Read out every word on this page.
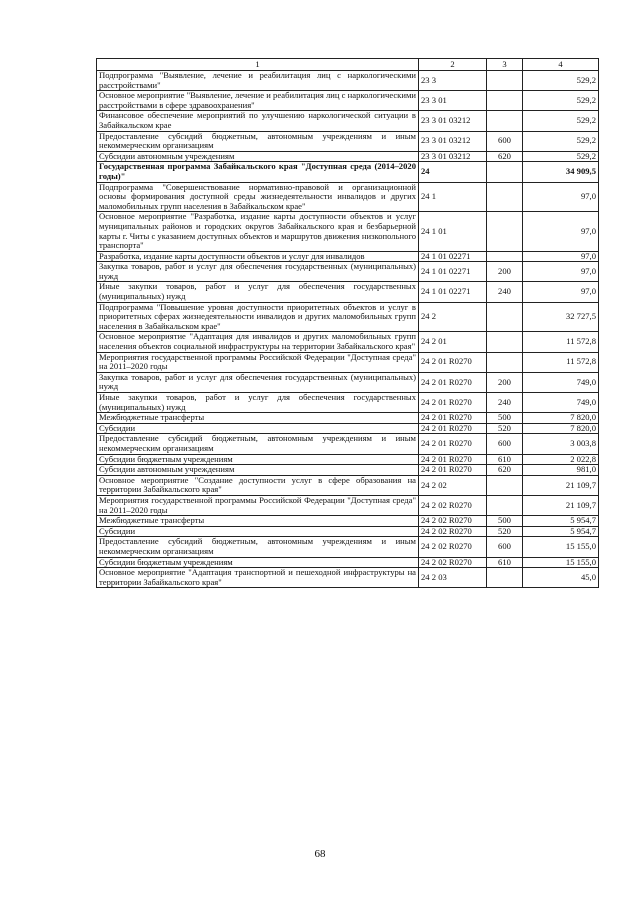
1	2	3	4
Подпрограмма "Выявление, лечение и реабилитация лиц с наркологическими расстройствами"	23 3		529,2
Основное мероприятие "Выявление, лечение и реабилитация лиц с наркологическими расстройствами в сфере здравоохранения"	23 3 01		529,2
Финансовое обеспечение мероприятий по улучшению наркологической ситуации в Забайкальском крае	23 3 01 03212		529,2
Предоставление субсидий бюджетным, автономным учреждениям и иным некоммерческим организациям	23 3 01 03212	600	529,2
Субсидии автономным учреждениям	23 3 01 03212	620	529,2
Государственная программа Забайкальского края "Доступная среда (2014–2020 годы)"	24		34 909,5
Подпрограмма "Совершенствование нормативно-правовой и организационной основы формирования доступной среды жизнедеятельности инвалидов и других маломобильных групп населения в Забайкальском крае"	24 1		97,0
Основное мероприятие "Разработка, издание карты доступности объектов и услуг муниципальных районов и городских округов Забайкальского края и безбарьерной карты г. Читы с указанием доступных объектов и маршрутов движения низкопольного транспорта"	24 1 01		97,0
Разработка, издание карты доступности объектов и услуг для инвалидов	24 1 01 02271		97,0
Закупка товаров, работ и услуг для обеспечения государственных (муниципальных) нужд	24 1 01 02271	200	97,0
Иные закупки товаров, работ и услуг для обеспечения государственных (муниципальных) нужд	24 1 01 02271	240	97,0
Подпрограмма "Повышение уровня доступности приоритетных объектов и услуг в приоритетных сферах жизнедеятельности инвалидов и других маломобильных групп населения в Забайкальском крае"	24 2		32 727,5
Основное мероприятие "Адаптация для инвалидов и других маломобильных групп населения объектов социальной инфраструктуры на территории Забайкальского края"	24 2 01		11 572,8
Мероприятия государственной программы Российской Федерации "Доступная среда" на 2011–2020 годы	24 2 01 R0270		11 572,8
Закупка товаров, работ и услуг для обеспечения государственных (муниципальных) нужд	24 2 01 R0270	200	749,0
Иные закупки товаров, работ и услуг для обеспечения государственных (муниципальных) нужд	24 2 01 R0270	240	749,0
Межбюджетные трансферты	24 2 01 R0270	500	7 820,0
Субсидии	24 2 01 R0270	520	7 820,0
Предоставление субсидий бюджетным, автономным учреждениям и иным некоммерческим организациям	24 2 01 R0270	600	3 003,8
Субсидии бюджетным учреждениям	24 2 01 R0270	610	2 022,8
Субсидии автономным учреждениям	24 2 01 R0270	620	981,0
Основное мероприятие "Создание доступности услуг в сфере образования на территории Забайкальского края"	24 2 02		21 109,7
Мероприятия государственной программы Российской Федерации "Доступная среда" на 2011–2020 годы	24 2 02 R0270		21 109,7
Межбюджетные трансферты	24 2 02 R0270	500	5 954,7
Субсидии	24 2 02 R0270	520	5 954,7
Предоставление субсидий бюджетным, автономным учреждениям и иным некоммерческим организациям	24 2 02 R0270	600	15 155,0
Субсидии бюджетным учреждениям	24 2 02 R0270	610	15 155,0
Основное мероприятие "Адаптация транспортной и пешеходной инфраструктуры на территории Забайкальского края"	24 2 03		45,0
68
